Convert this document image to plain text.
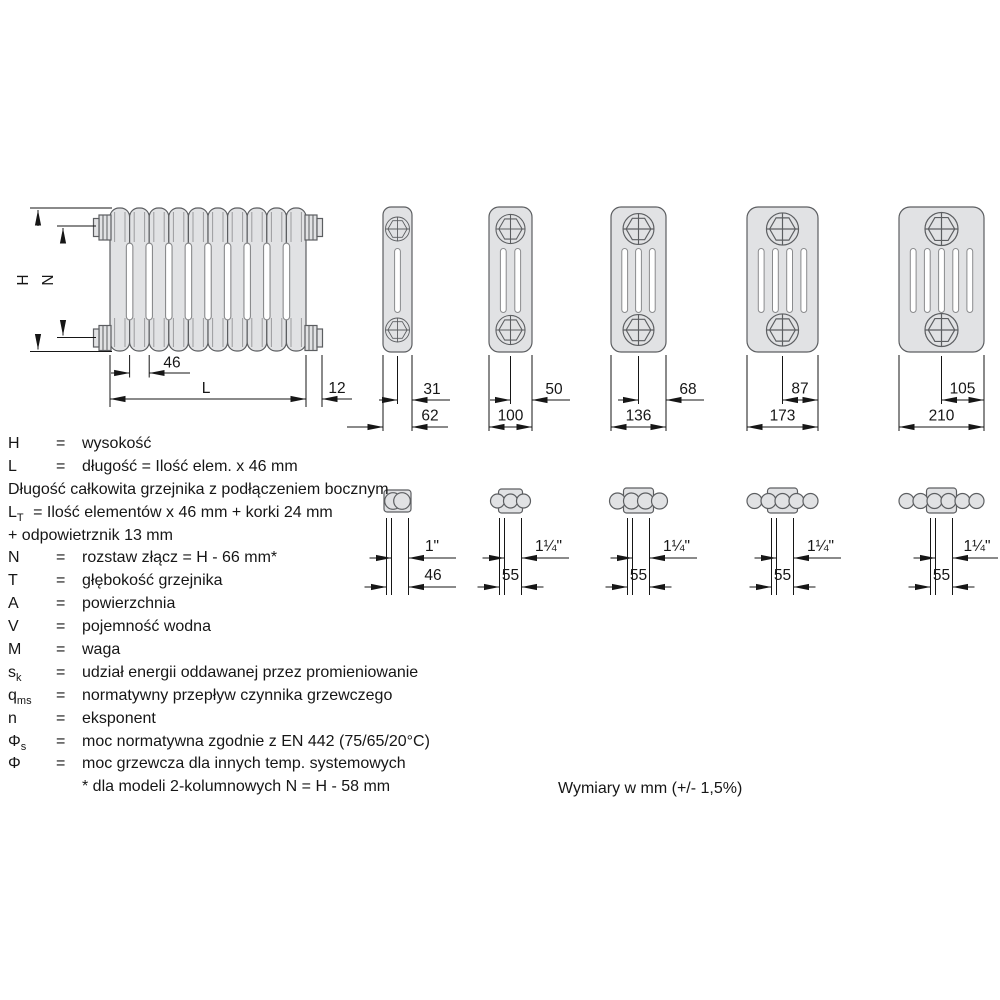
H N
46
L	12	31	50	68	87	105
62	100	136	173	210
1"	1¼"	1¼"	1¼"	1¼"
46	55	55	55	55
H	=	wysokość
L	=	długość = Ilość elem. x 46 mm
Długość całkowita grzejnika z podłączeniem bocznym
$L_T$ = Ilość elementów x 46 mm + korki 24 mm
+ odpowietrznik 13 mm
N	=	rozstaw złącz = H - 66 mm*
T	=	głębokość grzejnika
A	=	powierzchnia
V	=	pojemność wodna
M	=	waga
$s_k$	=	udział energii oddawanej przez promieniowanie
$q_{ms}$	=	normatywny przepływ czynnika grzewczego
n	=	eksponent
$\Phi_s$	=	moc normatywna zgodnie z EN 442 (75/65/20°C)
Φ	=	moc grzewcza dla innych temp. systemowych
* dla modeli 2-kolumnowych N = H - 58 mm	Wymiary w mm (+/- 1,5%)
